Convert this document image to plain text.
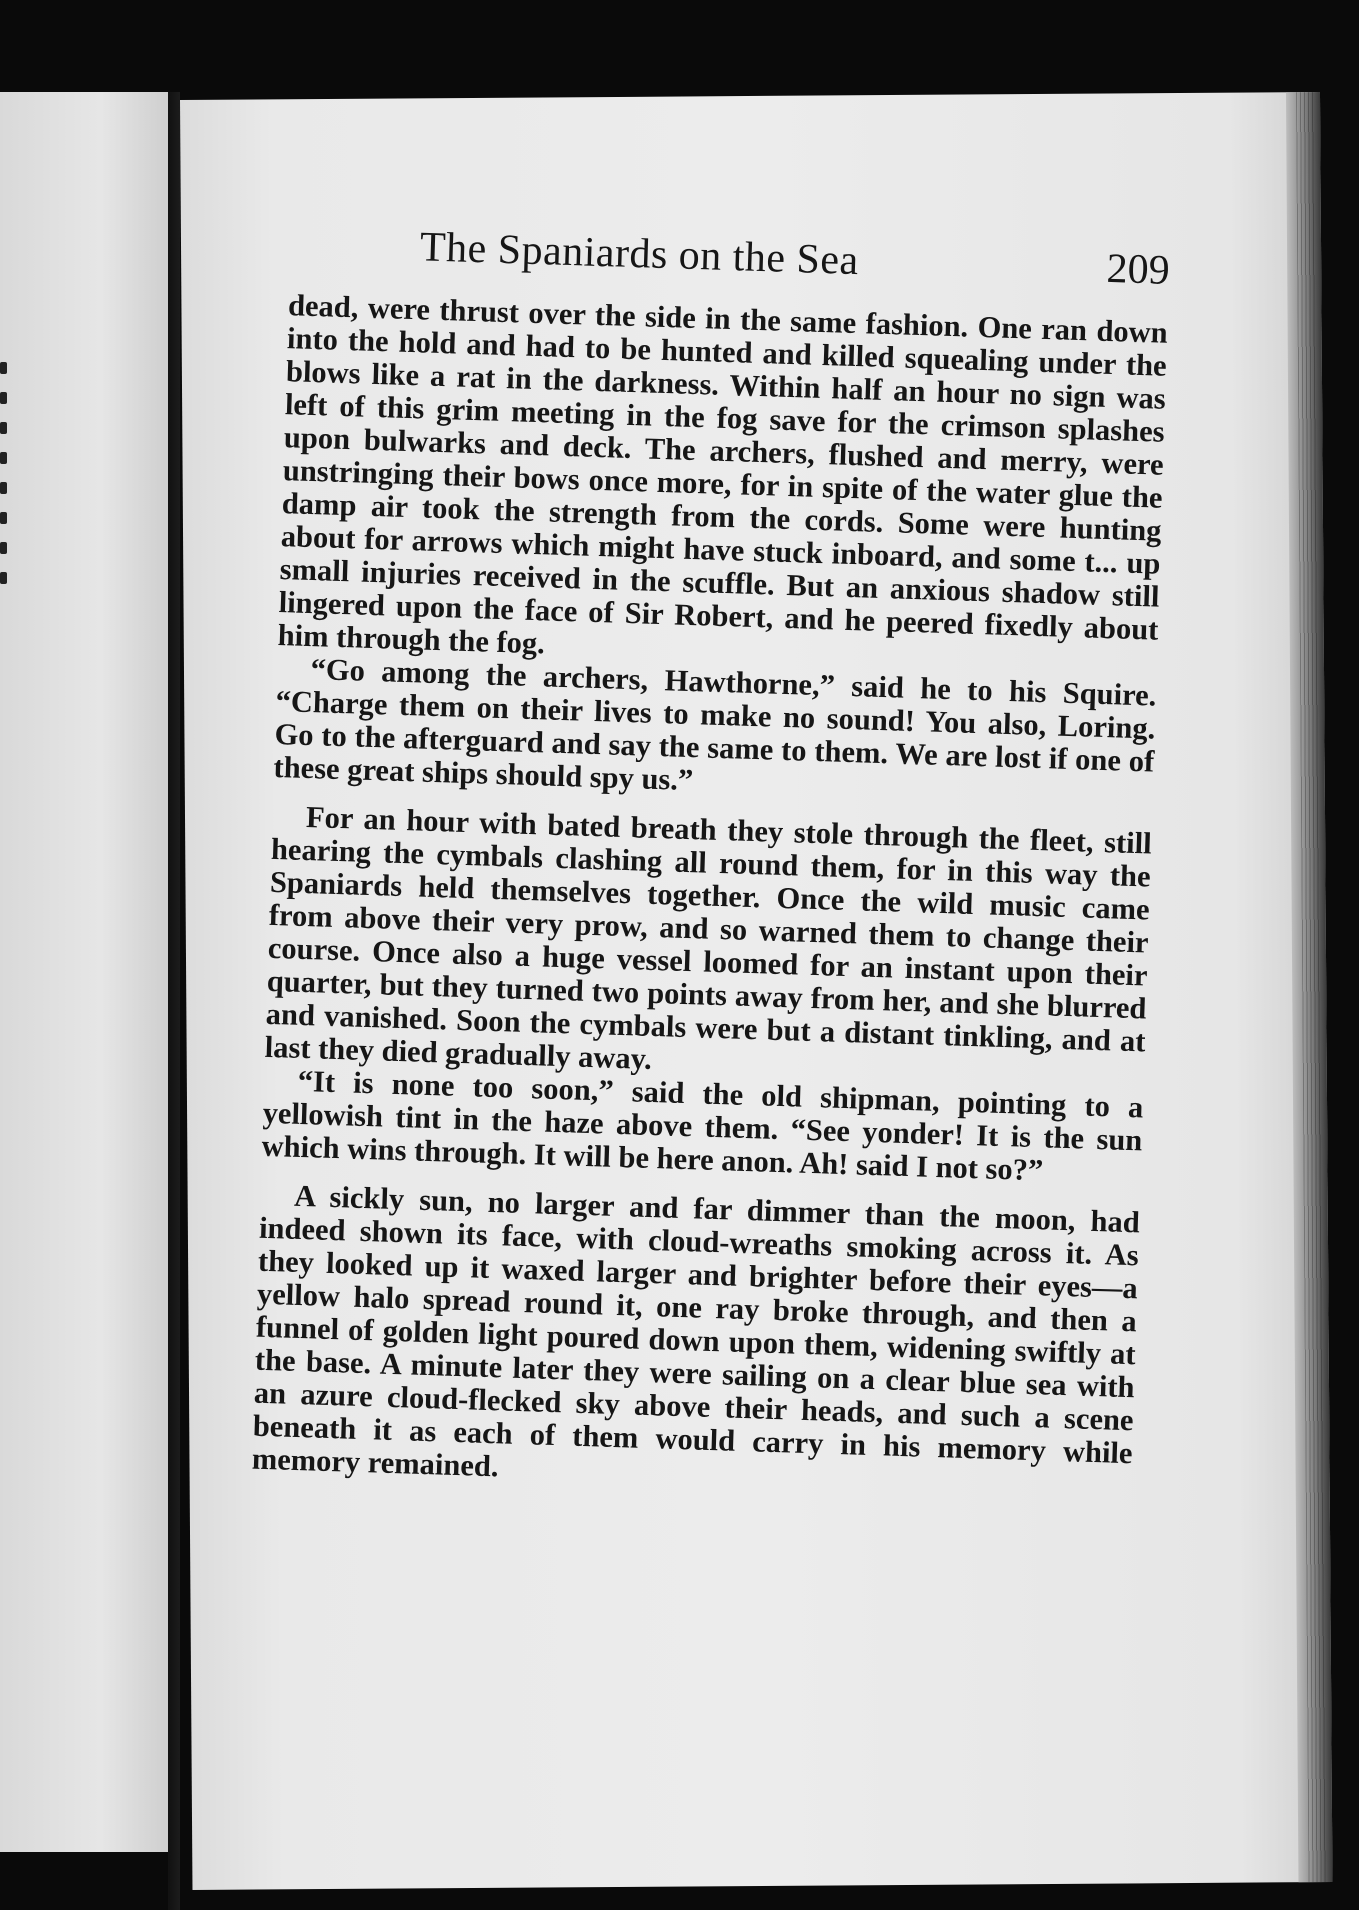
The Spaniards on the Sea	209

dead, were thrust over the side in the same fashion. One ran down into the hold and had to be hunted and killed squealing under the blows like a rat in the darkness. Within half an hour no sign was left of this grim meeting in the fog save for the crimson splashes upon bulwarks and deck. The archers, flushed and merry, were unstringing their bows once more, for in spite of the water glue the damp air took the strength from the cords. Some were hunting about for arrows which might have stuck inboard, and some t... up small injuries received in the scuffle. But an anxious shadow still lingered upon the face of Sir Robert, and he peered fixedly about him through the fog.

“Go among the archers, Hawthorne,” said he to his Squire. “Charge them on their lives to make no sound! You also, Loring. Go to the afterguard and say the same to them. We are lost if one of these great ships should spy us.”

For an hour with bated breath they stole through the fleet, still hearing the cymbals clashing all round them, for in this way the Spaniards held themselves together. Once the wild music came from above their very prow, and so warned them to change their course. Once also a huge vessel loomed for an instant upon their quarter, but they turned two points away from her, and she blurred and vanished. Soon the cymbals were but a distant tinkling, and at last they died gradually away.

“It is none too soon,” said the old shipman, pointing to a yellowish tint in the haze above them. “See yonder! It is the sun which wins through. It will be here anon. Ah! said I not so?”

A sickly sun, no larger and far dimmer than the moon, had indeed shown its face, with cloud-wreaths smoking across it. As they looked up it waxed larger and brighter before their eyes—a yellow halo spread round it, one ray broke through, and then a funnel of golden light poured down upon them, widening swiftly at the base. A minute later they were sailing on a clear blue sea with an azure cloud-flecked sky above their heads, and such a scene beneath it as each of them would carry in his memory while memory remained.
